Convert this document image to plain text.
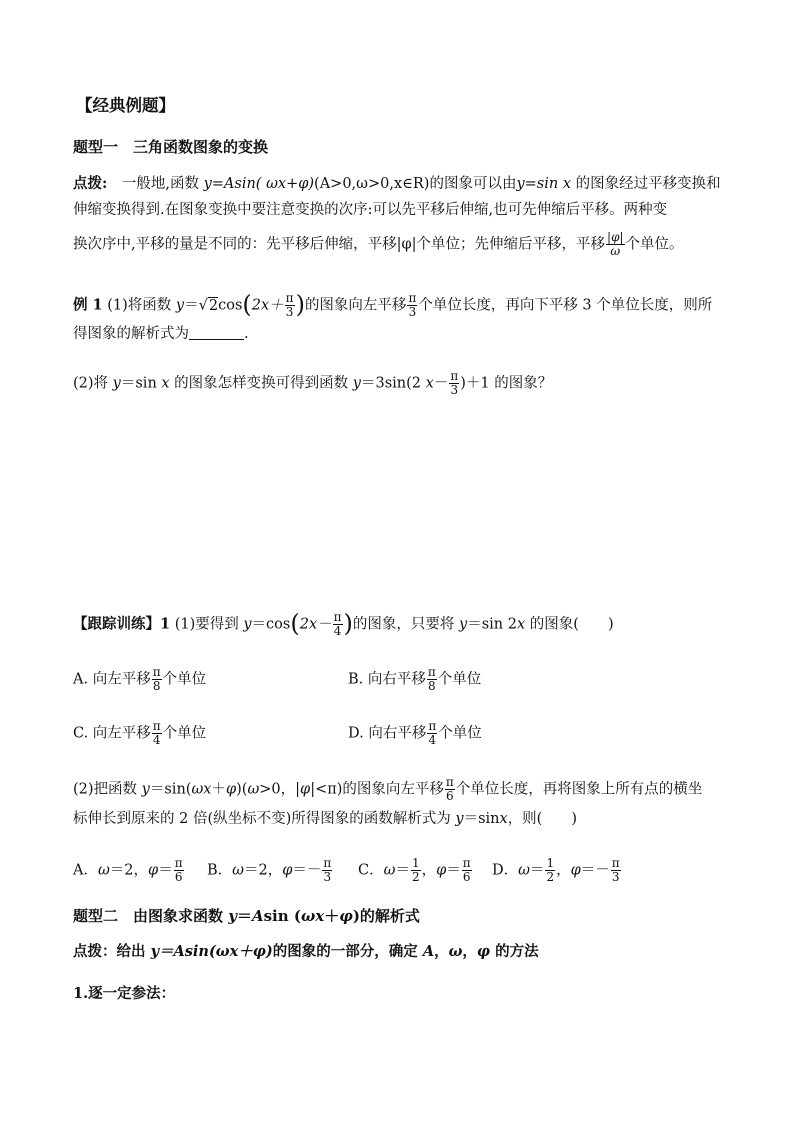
【经典例题】
题型一　三角函数图象的变换
点拨:　一般地,函数 y=Asin( ωx+φ)(A>0,ω>0,x∈R)的图象可以由y=sin x 的图象经过平移变换和
伸缩变换得到.在图象变换中要注意变换的次序:可以先平移后伸缩,也可先伸缩后平移。两种变
换次序中,平移的量是不同的：先平移后伸缩，平移|φ|个单位；先伸缩后平移，平移 $\frac{|\varphi|}{\omega}$ 个单位。
例 1 (1)将函数 $y=√2\cos(2x+ \frac{\pi}{3}$ )的图象向左平移 $\frac{\pi}{3}$ 个单位长度，再向下平移 3 个单位长度，则所
得图象的解析式为	.
(2)将 y＝sin x 的图象怎样变换可得到函数 y＝3sin(2 $x- \frac{\pi}{3} )+1$ 的图象？
【跟踪训练】1 (1)要得到 $y=\cos(2x- \frac{\pi}{4}$ )的图象，只要将 y＝sin 2x 的图象(　　)
A. 向左平移 $\frac{\pi}{8}$ 个单位	B. 向右平移 $\frac{\pi}{8}$ 个单位
C. 向左平移 $\frac{\pi}{4}$ 个单位	D. 向右平移 $\frac{\pi}{4}$ 个单位
(2)把函数 y＝sin(ωx＋φ)(ω>0，|φ|<π)的图象向左平移 $\frac{\pi}{6}$ 个单位长度，再将图象上所有点的横坐
标伸长到原来的 2 倍(纵坐标不变)所得图象的函数解析式为 y＝sinx，则(　　)
A．ω＝2，$\varphi= \frac{\pi}{6}$ B．ω＝2，$\varphi=- \frac{\pi}{3}$ C．$\omega= \frac{1}{2}$ ，$\varphi= \frac{\pi}{6}$ D．$\omega= \frac{1}{2}$ ，$\varphi=- \frac{\pi}{3}$
题型二　由图象求函数 y＝Asin (ωx＋φ)的解析式
点拨：给出 y＝Asin(ωx＋φ)的图象的一部分，确定 A，ω，φ 的方法
1.逐一定参法：
